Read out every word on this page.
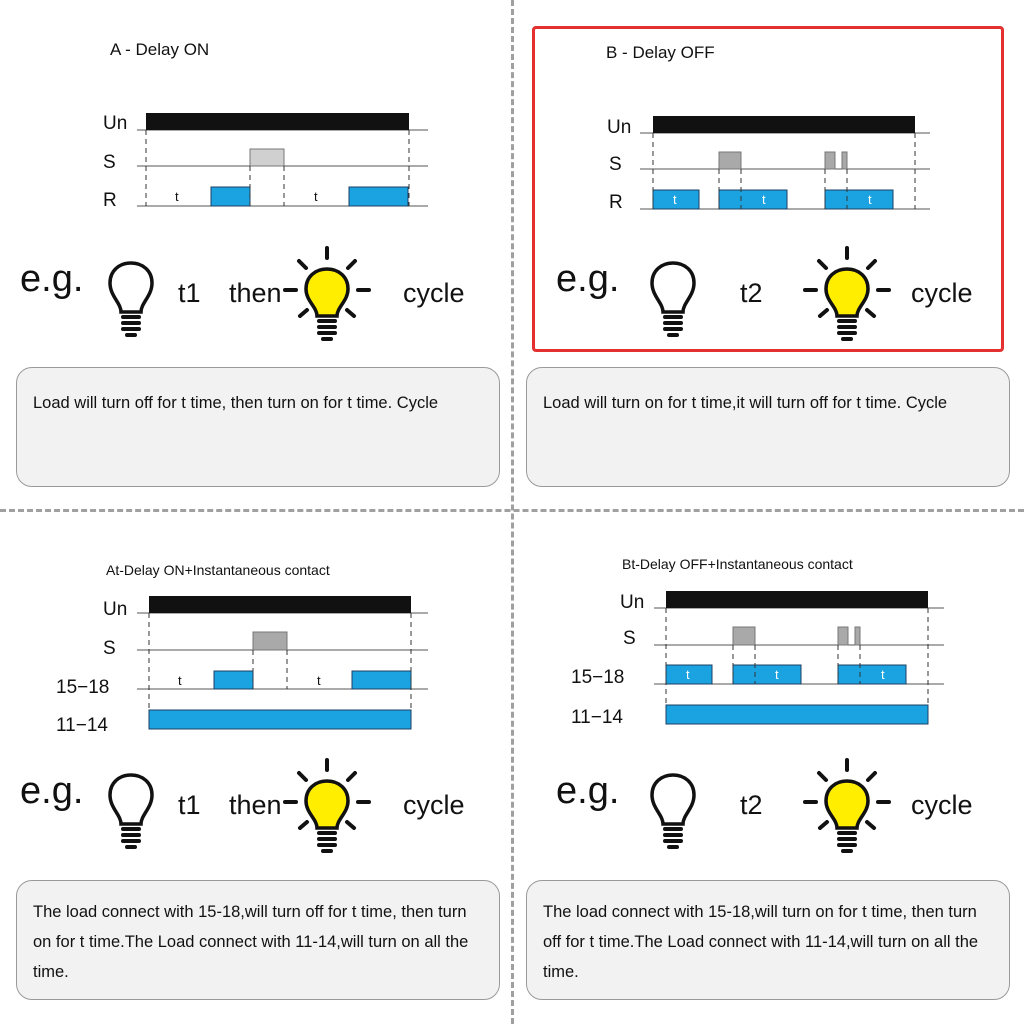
A - Delay ON
Un
S
R	t	t
e.g.	t1 then	cycle
Load will turn off for t time, then turn on for t time. Cycle
B - Delay OFF
Un
S
R	t	t	t
e.g.	t2	cycle
Load will turn on for t time,it will turn off for t time. Cycle
At-Delay ON+Instantaneous contact
Un
S
15−18
11−14
t	t
e.g.	t1 then	cycle
The load connect with 15-18,will turn off for t time, then turn on for t time.The Load connect with 11-14,will turn on all the time.
Bt-Delay OFF+Instantaneous contact
Un
S
15−18
11−14
t	t	t
e.g.	t2	cycle
The load connect with 15-18,will turn on for t time, then turn off for t time.The Load connect with 11-14,will turn on all the time.
